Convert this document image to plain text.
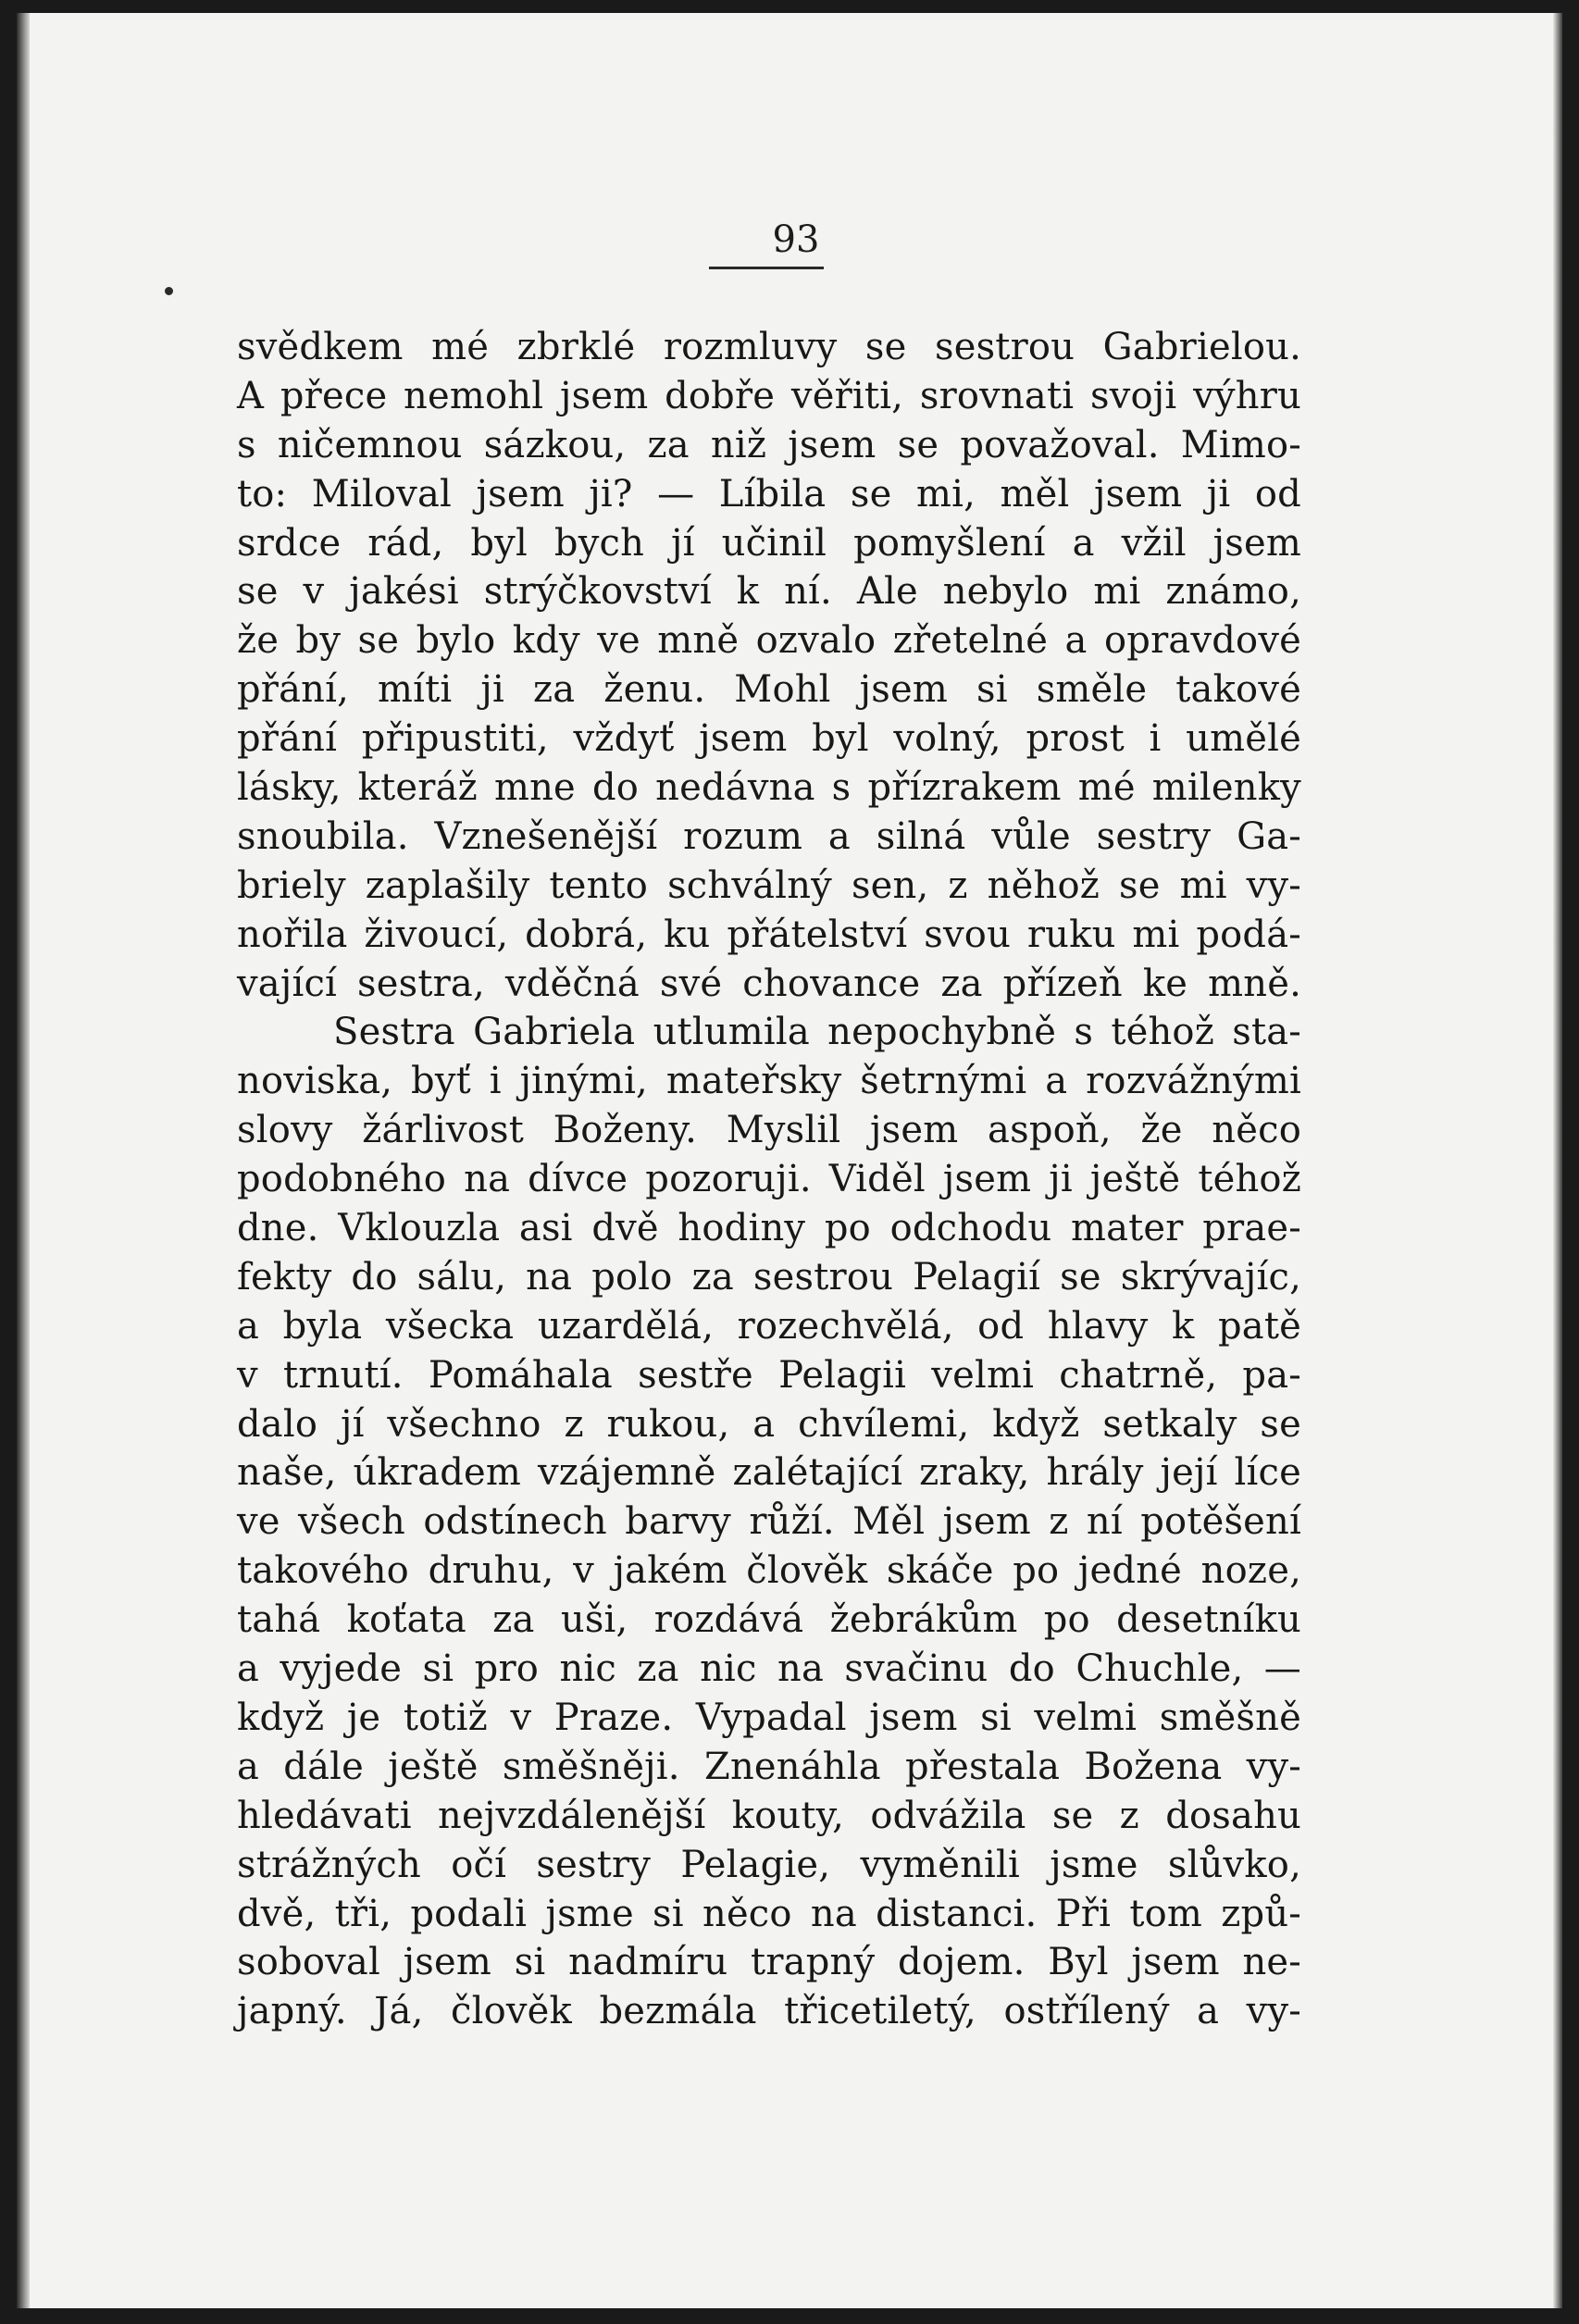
93
svědkem mé zbrklé rozmluvy se sestrou Gabrielou.
A přece nemohl jsem dobře věřiti, srovnati svoji výhru
s ničemnou sázkou, za niž jsem se považoval. Mimo-
to: Miloval jsem ji? — Líbila se mi, měl jsem ji od
srdce rád, byl bych jí učinil pomyšlení a vžil jsem
se v jakési strýčkovství k ní. Ale nebylo mi známo,
že by se bylo kdy ve mně ozvalo zřetelné a opravdové
přání, míti ji za ženu. Mohl jsem si směle takové
přání připustiti, vždyť jsem byl volný, prost i umělé
lásky, kteráž mne do nedávna s přízrakem mé milenky
snoubila. Vznešenější rozum a silná vůle sestry Ga-
briely zaplašily tento schválný sen, z něhož se mi vy-
nořila živoucí, dobrá, ku přátelství svou ruku mi podá-
vající sestra, vděčná své chovance za přízeň ke mně.
Sestra Gabriela utlumila nepochybně s téhož sta-
noviska, byť i jinými, mateřsky šetrnými a rozvážnými
slovy žárlivost Boženy. Myslil jsem aspoň, že něco
podobného na dívce pozoruji. Viděl jsem ji ještě téhož
dne. Vklouzla asi dvě hodiny po odchodu mater prae-
fekty do sálu, na polo za sestrou Pelagií se skrývajíc,
a byla všecka uzardělá, rozechvělá, od hlavy k patě
v trnutí. Pomáhala sestře Pelagii velmi chatrně, pa-
dalo jí všechno z rukou, a chvílemi, když setkaly se
naše, úkradem vzájemně zalétající zraky, hrály její líce
ve všech odstínech barvy růží. Měl jsem z ní potěšení
takového druhu, v jakém člověk skáče po jedné noze,
tahá koťata za uši, rozdává žebrákům po desetníku
a vyjede si pro nic za nic na svačinu do Chuchle, —
když je totiž v Praze. Vypadal jsem si velmi směšně
a dále ještě směšněji. Znenáhla přestala Božena vy-
hledávati nejvzdálenější kouty, odvážila se z dosahu
strážných očí sestry Pelagie, vyměnili jsme slůvko,
dvě, tři, podali jsme si něco na distanci. Při tom způ-
soboval jsem si nadmíru trapný dojem. Byl jsem ne-
japný. Já, člověk bezmála třicetiletý, ostřílený a vy-
